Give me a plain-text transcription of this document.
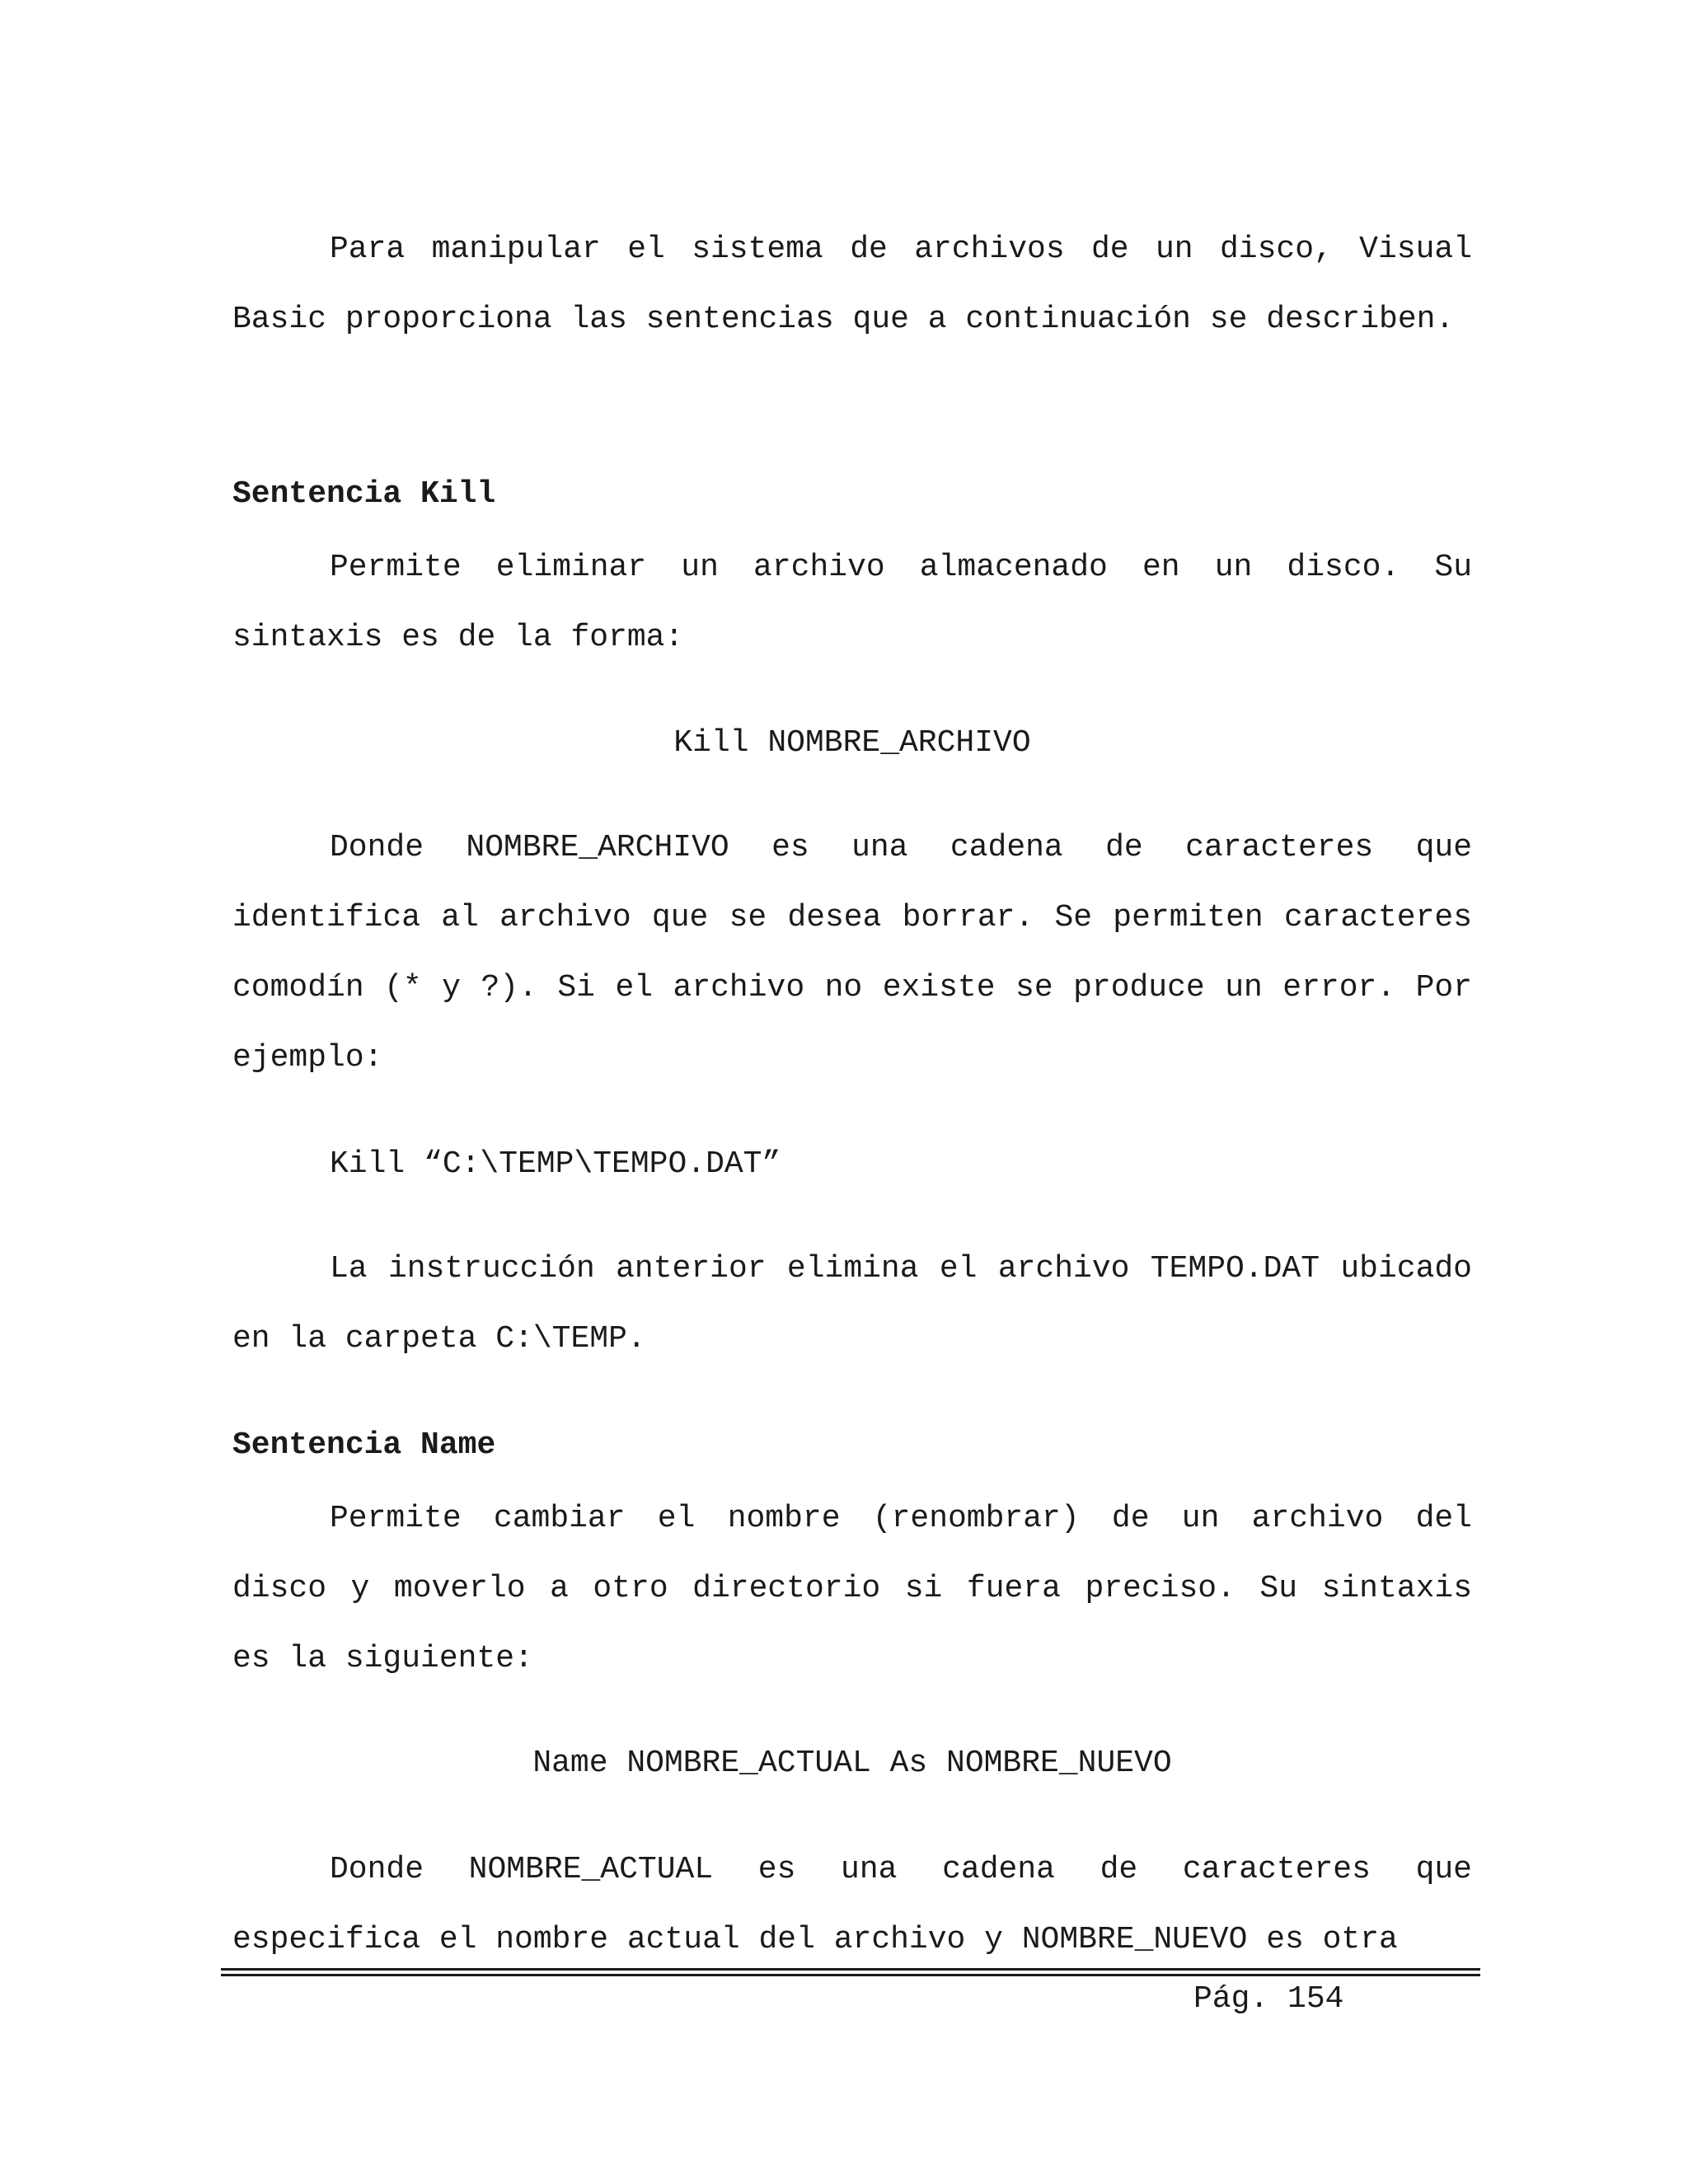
Para manipular el sistema de archivos de un disco, Visual Basic proporciona las sentencias que a continuación se describen.

Sentencia Kill

Permite eliminar un archivo almacenado en un disco. Su sintaxis es de la forma:

Kill NOMBRE_ARCHIVO

Donde NOMBRE_ARCHIVO es una cadena de caracteres que identifica al archivo que se desea borrar. Se permiten caracteres comodín (* y ?). Si el archivo no existe se produce un error. Por ejemplo:

Kill “C:\TEMP\TEMPO.DAT”

La instrucción anterior elimina el archivo TEMPO.DAT ubicado en la carpeta C:\TEMP.

Sentencia Name

Permite cambiar el nombre (renombrar) de un archivo del disco y moverlo a otro directorio si fuera preciso. Su sintaxis es la siguiente:

Name NOMBRE_ACTUAL As NOMBRE_NUEVO

Donde NOMBRE_ACTUAL es una cadena de caracteres que especifica el nombre actual del archivo y NOMBRE_NUEVO es otra

Pág. 154
